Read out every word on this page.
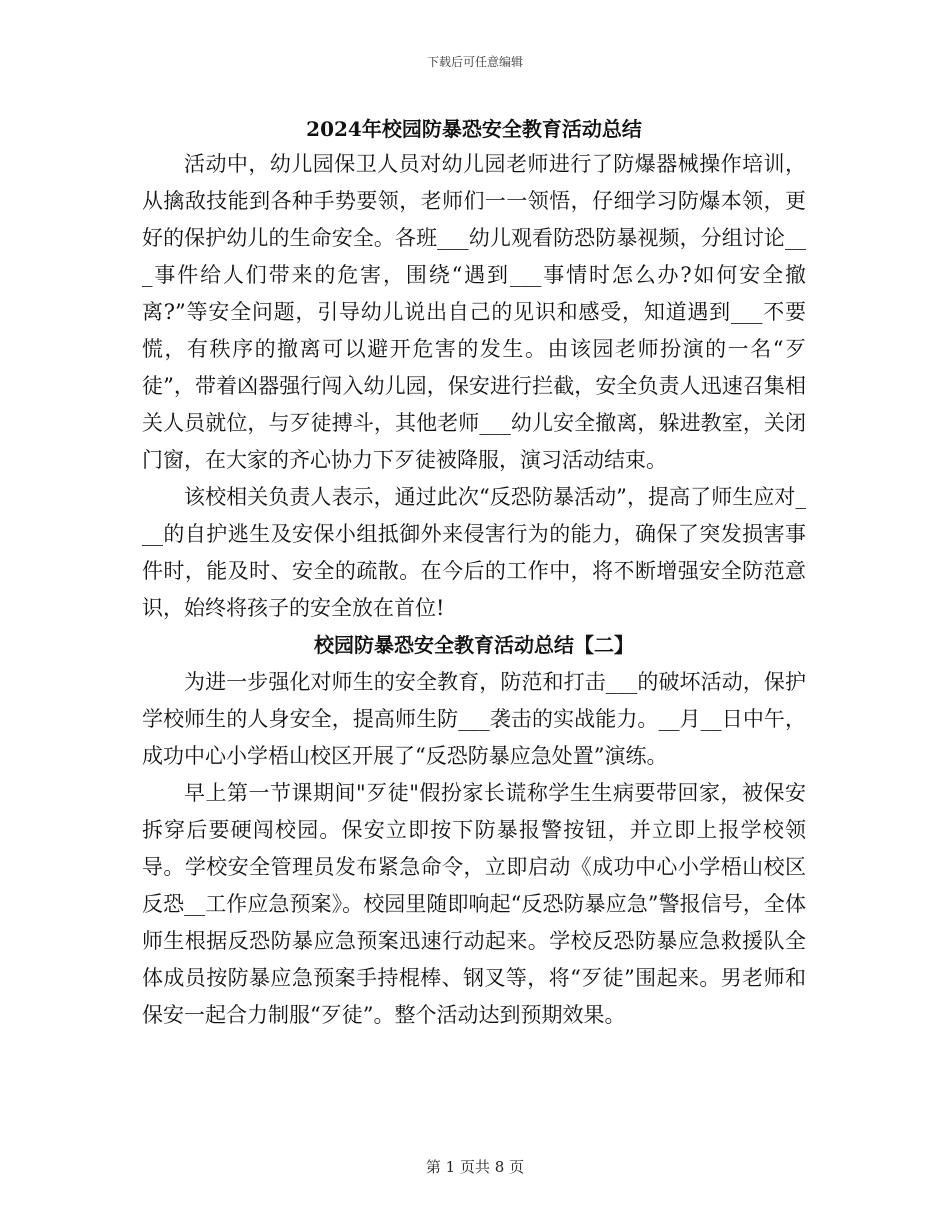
下载后可任意编辑
2024年校园防暴恐安全教育活动总结

活动中，幼儿园保卫人员对幼儿园老师进行了防爆器械操作培训，从擒敌技能到各种手势要领，老师们一一领悟，仔细学习防爆本领，更好的保护幼儿的生命安全。各班___幼儿观看防恐防暴视频，分组讨论___事件给人们带来的危害，围绕“遇到___事情时怎么办?如何安全撤离?”等安全问题，引导幼儿说出自己的见识和感受，知道遇到___不要慌，有秩序的撤离可以避开危害的发生。由该园老师扮演的一名“歹徒”，带着凶器强行闯入幼儿园，保安进行拦截，安全负责人迅速召集相关人员就位，与歹徒搏斗，其他老师___幼儿安全撤离，躲进教室，关闭门窗，在大家的齐心协力下歹徒被降服，演习活动结束。

该校相关负责人表示，通过此次“反恐防暴活动”，提高了师生应对___的自护逃生及安保小组抵御外来侵害行为的能力，确保了突发损害事件时，能及时、安全的疏散。在今后的工作中，将不断增强安全防范意识，始终将孩子的安全放在首位!

校园防暴恐安全教育活动总结【二】

为进一步强化对师生的安全教育，防范和打击___的破坏活动，保护学校师生的人身安全，提高师生防___袭击的实战能力。__月__日中午，成功中心小学梧山校区开展了“反恐防暴应急处置”演练。

早上第一节课期间"歹徒"假扮家长谎称学生生病要带回家，被保安拆穿后要硬闯校园。保安立即按下防暴报警按钮，并立即上报学校领导。学校安全管理员发布紧急命令，立即启动《成功中心小学梧山校区反恐__工作应急预案》。校园里随即响起“反恐防暴应急”警报信号，全体师生根据反恐防暴应急预案迅速行动起来。学校反恐防暴应急救援队全体成员按防暴应急预案手持棍棒、钢叉等，将“歹徒”围起来。男老师和保安一起合力制服“歹徒”。整个活动达到预期效果。

第 1 页共 8 页
